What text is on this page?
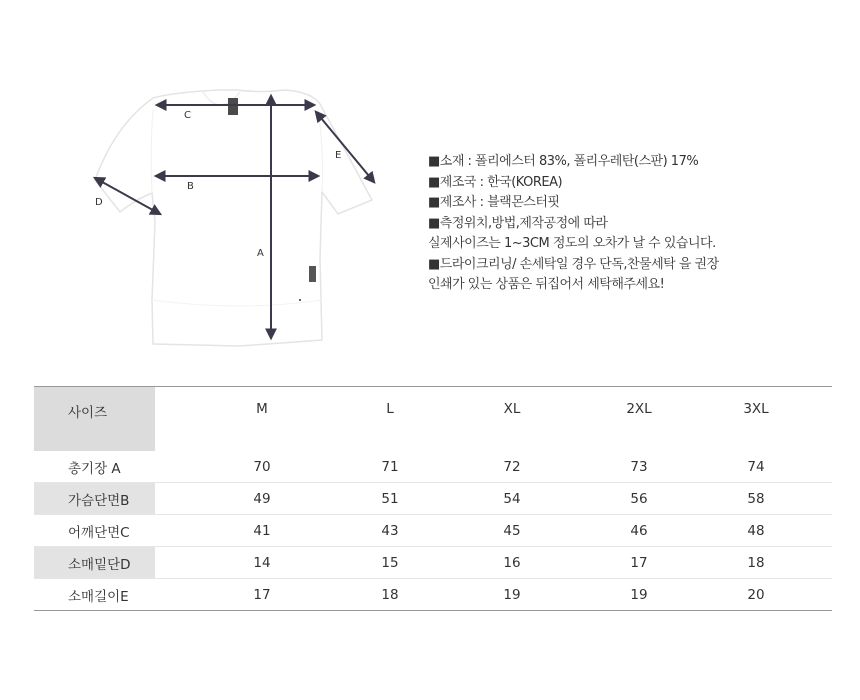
A
B
C
D
E	■소재 : 폴리에스터 83%, 폴리우레탄(스판) 17%
■제조국 : 한국(KOREA)
■제조사 : 블랙몬스터핏
■측정위치,방법,제작공정에 따라
실제사이즈는 1~3CM 정도의 오차가 날 수 있습니다.
■드라이크리닝/ 손세탁일 경우 단독,찬물세탁 을 권장
인쇄가 있는 상품은 뒤집어서 세탁해주세요!
사이즈	M	L	XL	2XL	3XL
총기장 A	70	71	72	73	74
가슴단면B	49	51	54	56	58
어깨단면C	41	43	45	46	48
소매밑단D	14	15	16	17	18
소매길이E	17	18	19	19	20
